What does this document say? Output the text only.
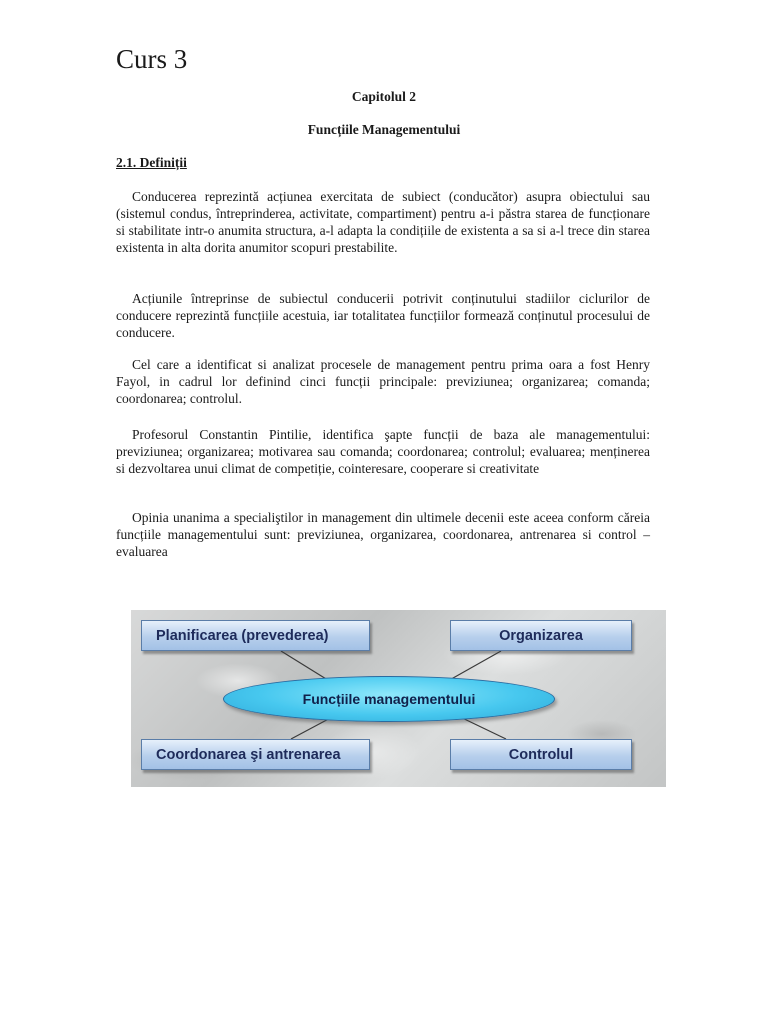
Curs 3
Capitolul 2
Funcțiile Managementului
2.1. Definiții

Conducerea reprezintă acțiunea exercitata de subiect (conducător) asupra obiectului sau (sistemul condus, întreprinderea, activitate, compartiment) pentru a-i păstra starea de funcționare si stabilitate intr-o anumita structura, a-l adapta la condițiile de existenta a sa si a-l trece din starea existenta in alta dorita anumitor scopuri prestabilite.

Acțiunile întreprinse de subiectul conducerii potrivit conținutului stadiilor ciclurilor de conducere reprezintă funcțiile acestuia, iar totalitatea funcțiilor formează conținutul procesului de conducere.

Cel care a identificat si analizat procesele de management pentru prima oara a fost Henry Fayol, in cadrul lor definind cinci funcții principale: previziunea; organizarea; comanda; coordonarea; controlul.

Profesorul Constantin Pintilie, identifica şapte funcții de baza ale managementului: previziunea; organizarea; motivarea sau comanda; coordonarea; controlul; evaluarea; menținerea si dezvoltarea unui climat de competiție, cointeresare, cooperare si creativitate

Opinia unanima a specialiştilor in management din ultimele decenii este aceea conform căreia funcțiile managementului sunt: previziunea, organizarea, coordonarea, antrenarea si control – evaluarea

Planificarea (prevederea)	Organizarea
Funcțiile managementului
Coordonarea şi antrenarea	Controlul
